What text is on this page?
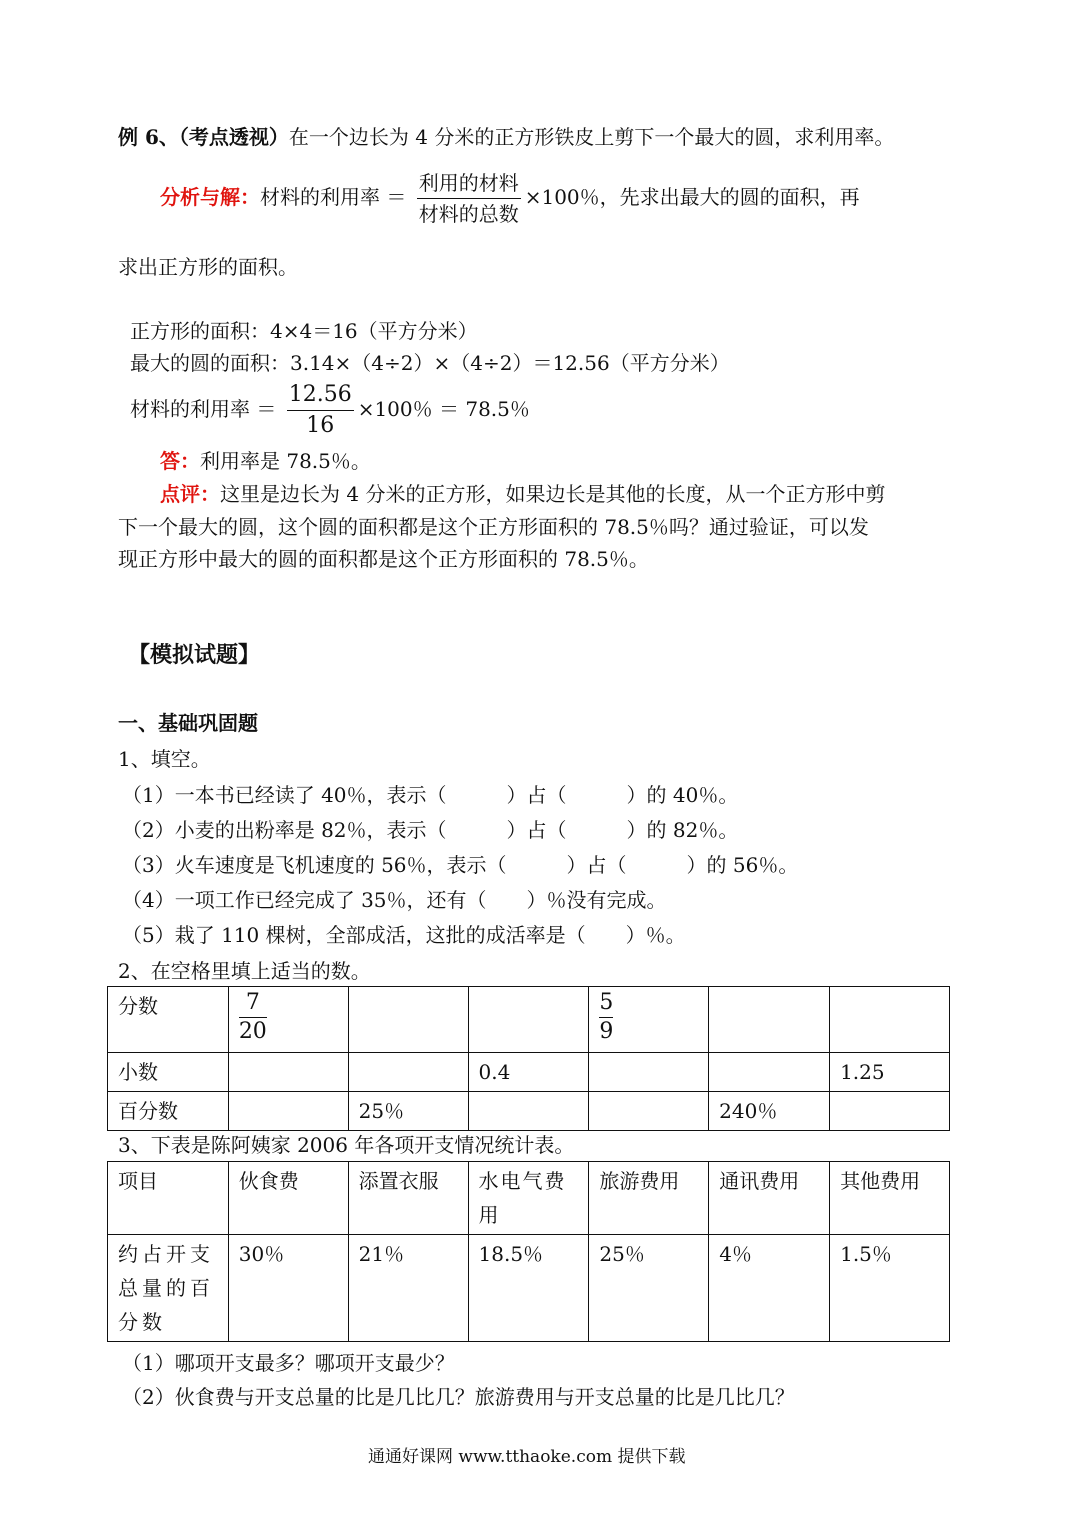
例 6、（考点透视）在一个边长为 4 分米的正方形铁皮上剪下一个最大的圆，求利用率。
分析与解：材料的利用率 ＝ $\frac{\text{利用的材料}}{\text{材料的总数}} \times 100$％，先求出最大的圆的面积，再
求出正方形的面积。
正方形的面积：4×4＝16（平方分米）
最大的圆的面积：3.14×（4÷2）×（4÷2）＝12.56（平方分米）
材料的利用率 ＝ $\frac{12.56}{16} \times 100$％ ＝ 78.5％
答：利用率是 78.5％。
点评：这里是边长为 4 分米的正方形，如果边长是其他的长度，从一个正方形中剪
下一个最大的圆，这个圆的面积都是这个正方形面积的 78.5％吗？通过验证，可以发
现正方形中最大的圆的面积都是这个正方形面积的 78.5％。
【模拟试题】
一、基础巩固题
1、填空。
（1）一本书已经读了 40％，表示（　　　）占（　　　）的 40％。
（2）小麦的出粉率是 82％，表示（　　　）占（　　　）的 82％。
（3）火车速度是飞机速度的 56％，表示（　　　）占（　　　）的 56％。
（4）一项工作已经完成了 35％，还有（　　）％没有完成。
（5）栽了 110 棵树，全部成活，这批的成活率是（　　）％。
2、在空格里填上适当的数。
分数	$\frac{7}{20}$			$\frac{5}{9}$

小数			0.4			1.25
百分数		25％			240％	
3、下表是陈阿姨家 2006 年各项开支情况统计表。
项目	伙食费	添置衣服	水电气费用	旅游费用	通讯费用	其他费用
约占开支总量的百分数	30％	21％	18.5％	25％	4％	1.5％
（1）哪项开支最多？哪项开支最少？
（2）伙食费与开支总量的比是几比几？旅游费用与开支总量的比是几比几？
通通好课网 www.tthaoke.com 提供下载
